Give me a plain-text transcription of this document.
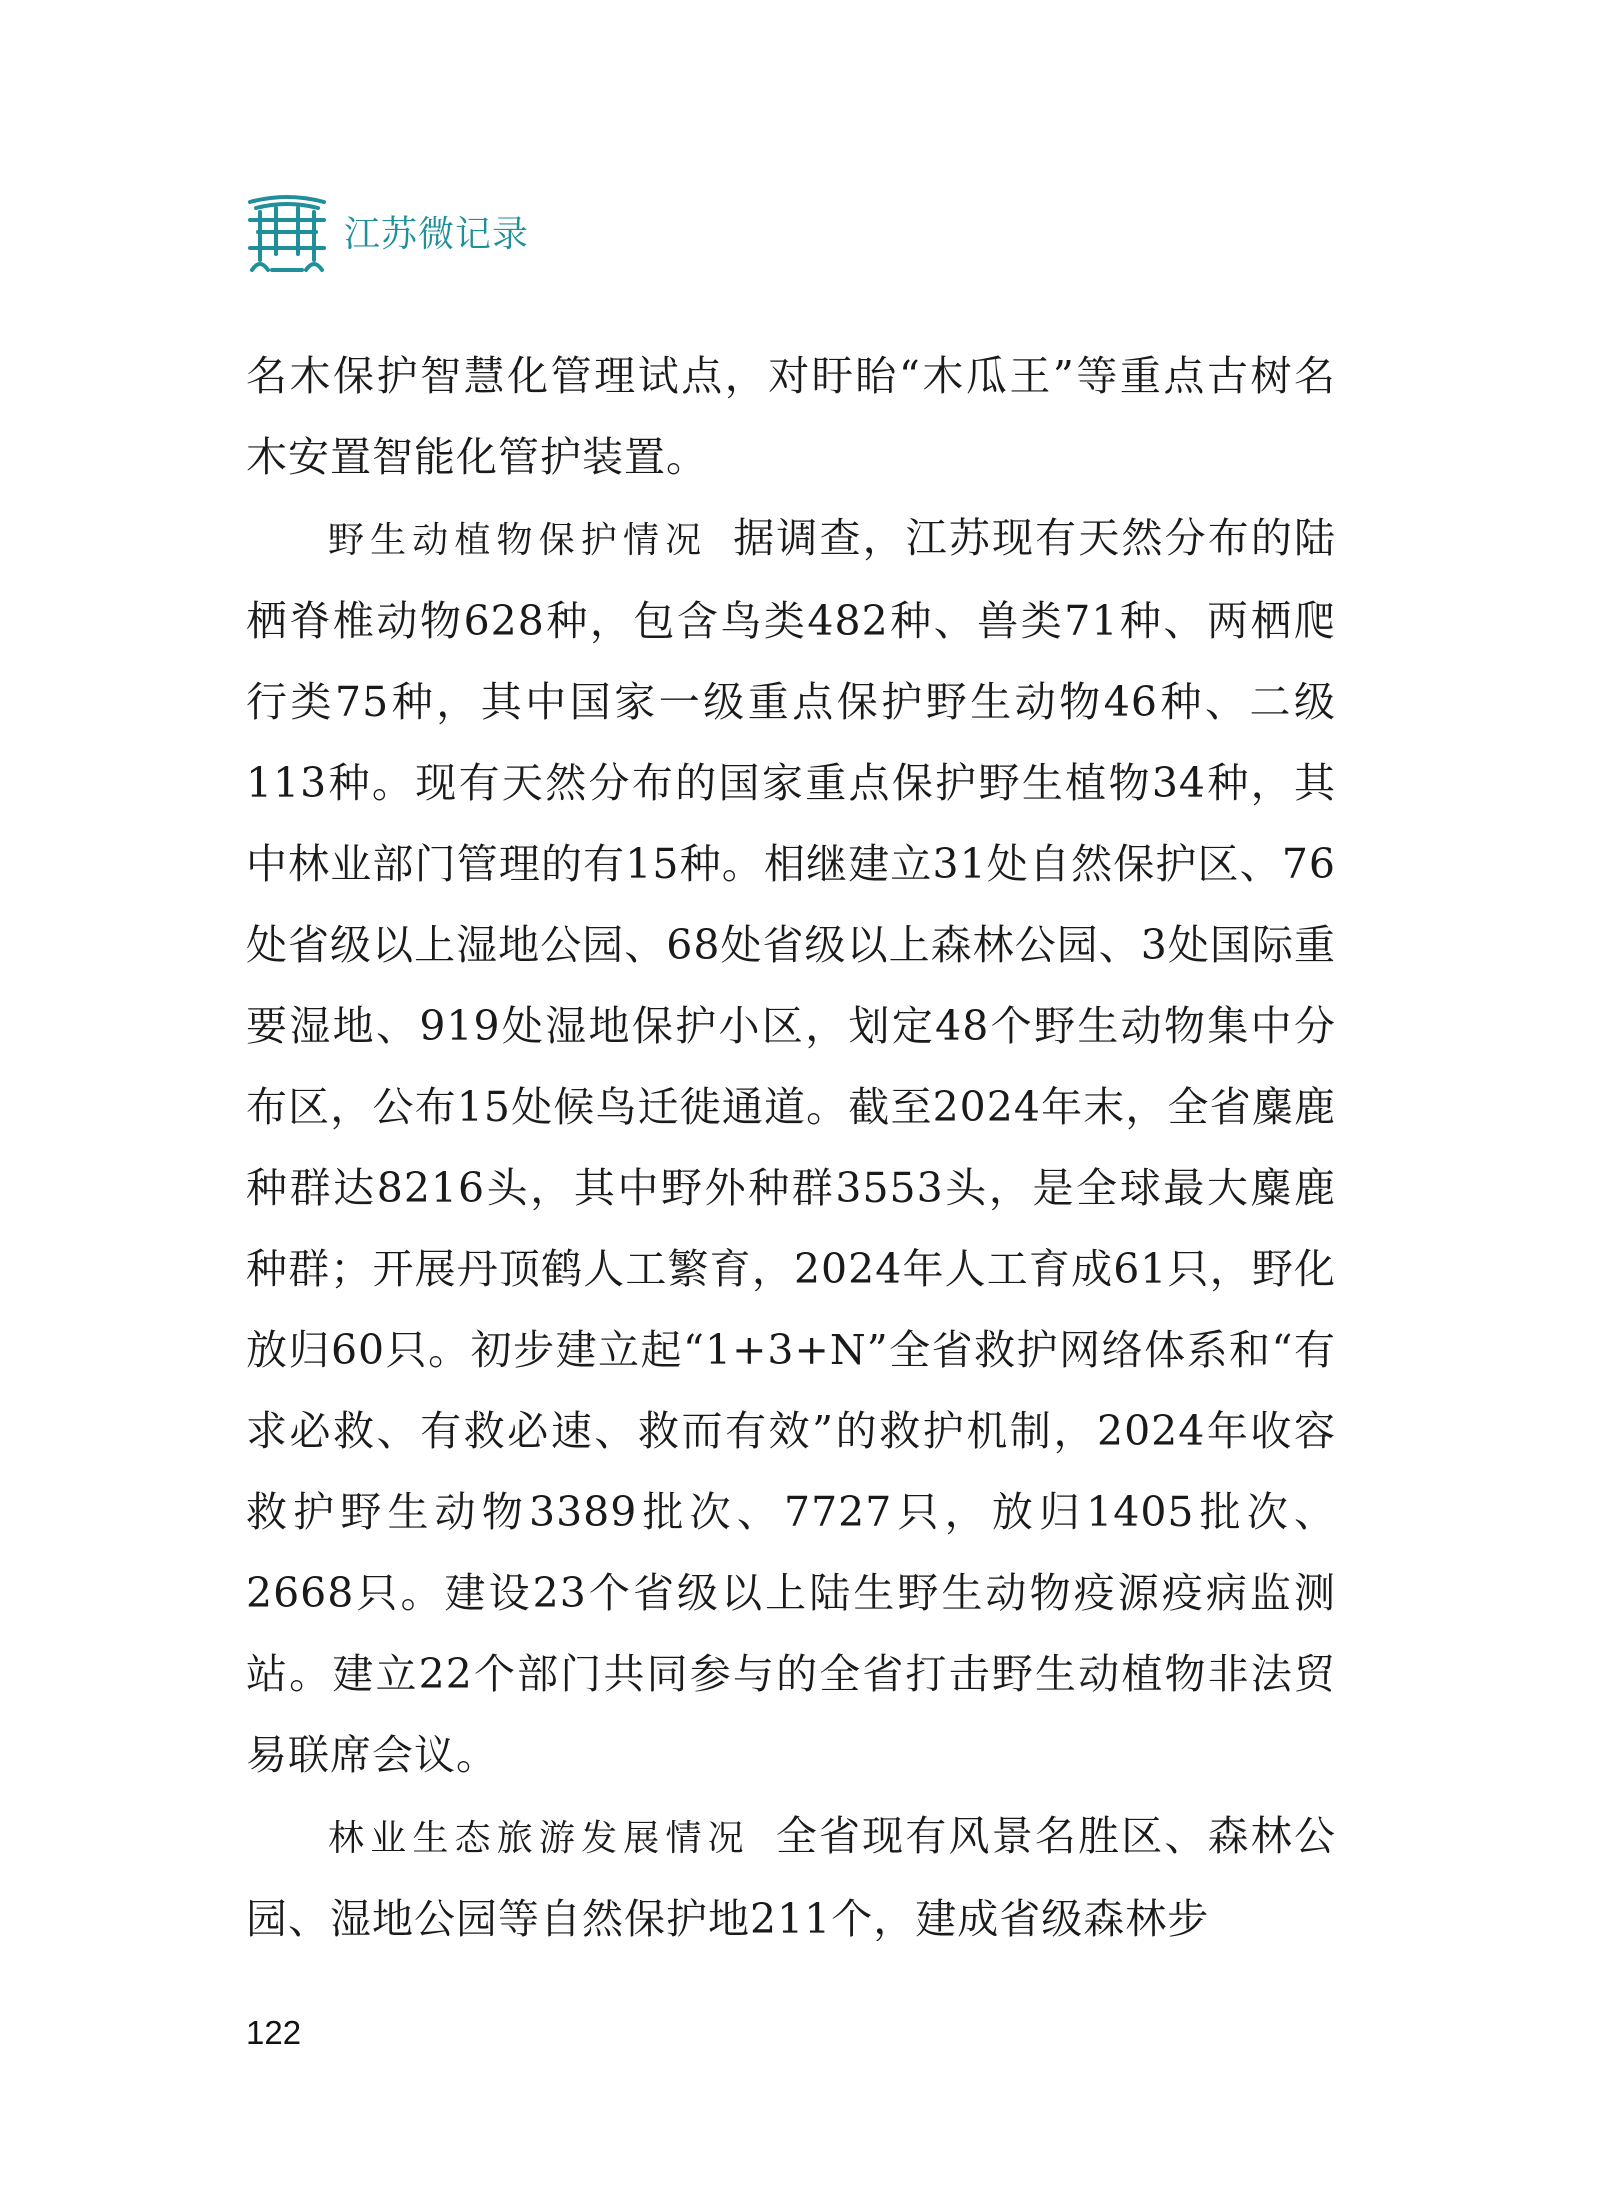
江苏微记录

名木保护智慧化管理试点，对盱眙“木瓜王”等重点古树名木安置智能化管护装置。

野生动植物保护情况 据调查，江苏现有天然分布的陆栖脊椎动物628种，包含鸟类482种、兽类71种、两栖爬行类75种，其中国家一级重点保护野生动物46种、二级113种。现有天然分布的国家重点保护野生植物34种，其中林业部门管理的有15种。相继建立31处自然保护区、76处省级以上湿地公园、68处省级以上森林公园、3处国际重要湿地、919处湿地保护小区，划定48个野生动物集中分布区，公布15处候鸟迁徙通道。截至2024年末，全省麋鹿种群达8216头，其中野外种群3553头，是全球最大麋鹿种群；开展丹顶鹤人工繁育，2024年人工育成61只，野化放归60只。初步建立起“1+3+N”全省救护网络体系和“有求必救、有救必速、救而有效”的救护机制，2024年收容救护野生动物3389批次、7727只，放归1405批次、2668只。建设23个省级以上陆生野生动物疫源疫病监测站。建立22个部门共同参与的全省打击野生动植物非法贸易联席会议。

林业生态旅游发展情况 全省现有风景名胜区、森林公园、湿地公园等自然保护地211个，建成省级森林步

122
